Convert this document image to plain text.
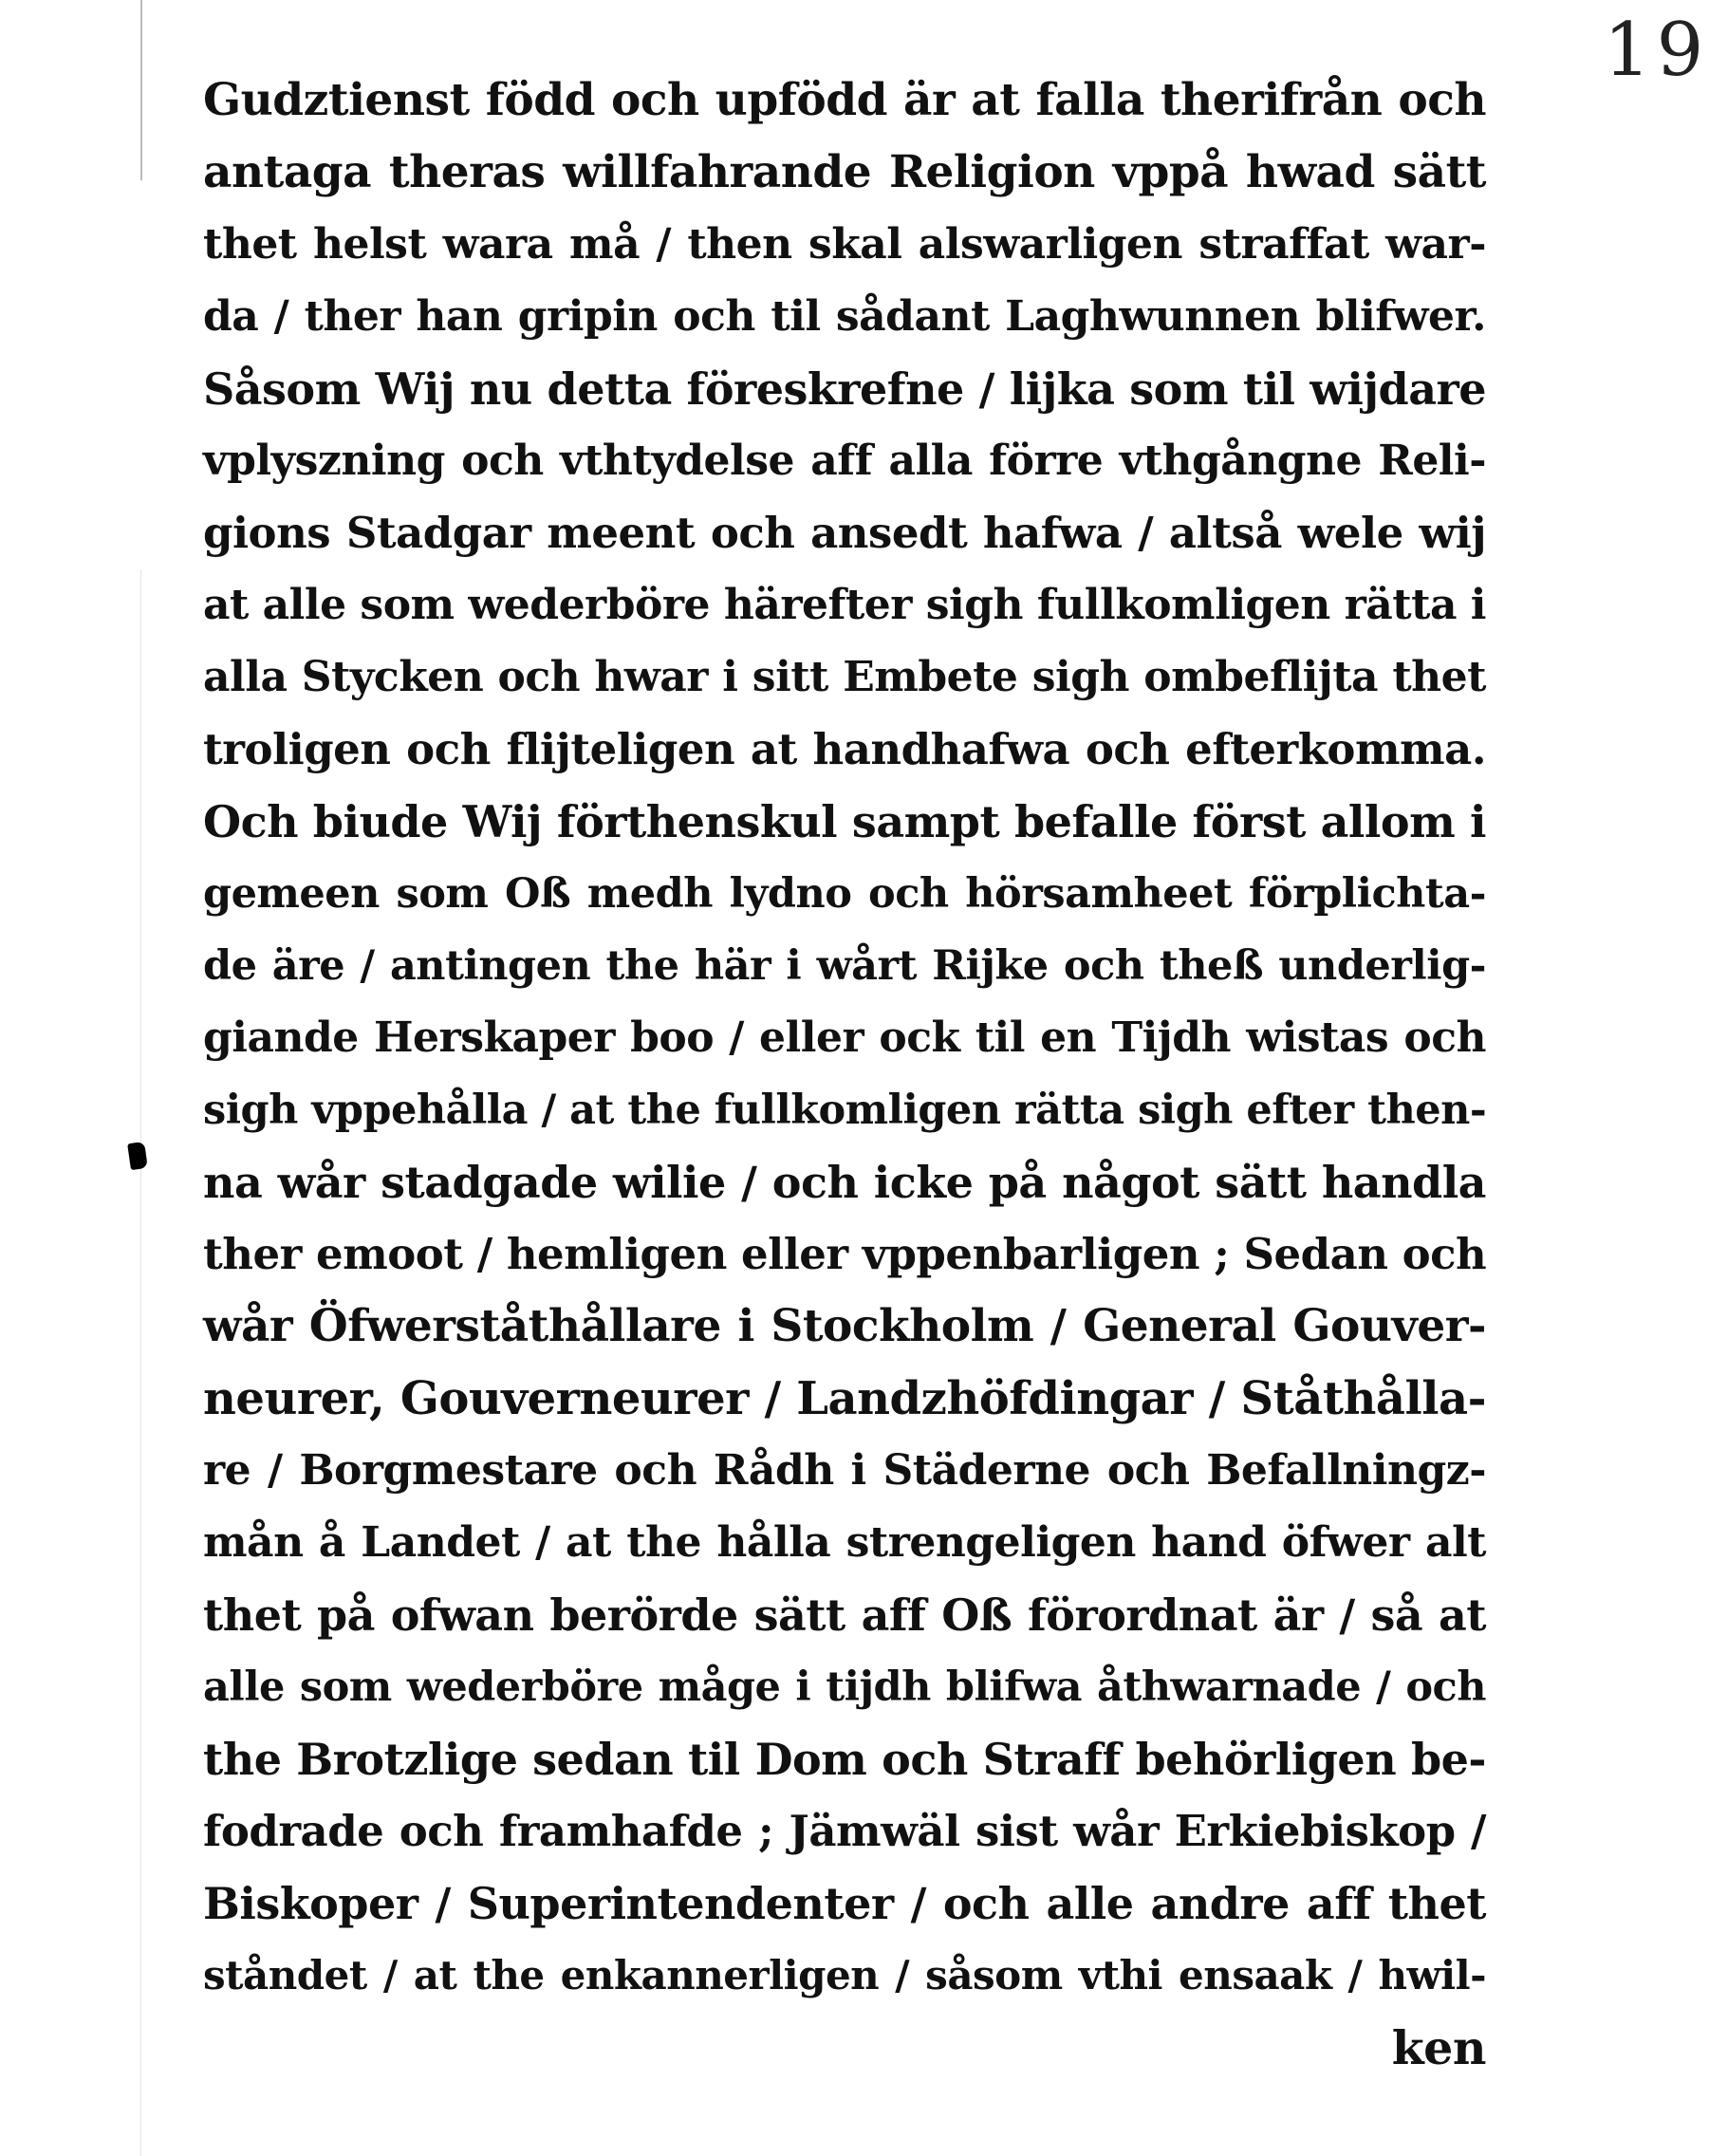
19
Gudztienst född och upfödd är at falla therifrån och
antaga theras willfahrande Religion vppå hwad sätt
thet helst wara må / then skal alswarligen straffat war-
da / ther han gripin och til sådant Laghwunnen blifwer.
Såsom Wij nu detta föreskrefne / lijka som til wijdare
vplyszning och vthtydelse aff alla förre vthgångne Reli-
gions Stadgar meent och ansedt hafwa / altså wele wij
at alle som wederböre härefter sigh fullkomligen rätta i
alla Stycken och hwar i sitt Embete sigh ombeflijta thet
troligen och flijteligen at handhafwa och efterkomma.
Och biude Wij förthenskul sampt befalle först allom i
gemeen som Oß medh lydno och hörsamheet förplichta-
de äre / antingen the här i wårt Rijke och theß underlig-
giande Herskaper boo / eller ock til en Tijdh wistas och
sigh vppehålla / at the fullkomligen rätta sigh efter then-
na wår stadgade wilie / och icke på något sätt handla
ther emoot / hemligen eller vppenbarligen ; Sedan och
wår Öfwerståthållare i Stockholm / General Gouver-
neurer, Gouverneurer / Landzhöfdingar / Ståthålla-
re / Borgmestare och Rådh i Städerne och Befallningz-
mån å Landet / at the hålla strengeligen hand öfwer alt
thet på ofwan berörde sätt aff Oß förordnat är / så at
alle som wederböre måge i tijdh blifwa åthwarnade / och
the Brotzlige sedan til Dom och Straff behörligen be-
fodrade och framhafde ; Jämwäl sist wår Erkiebiskop /
Biskoper / Superintendenter / och alle andre aff thet
ståndet / at the enkannerligen / såsom vthi ensaak / hwil-
ken
